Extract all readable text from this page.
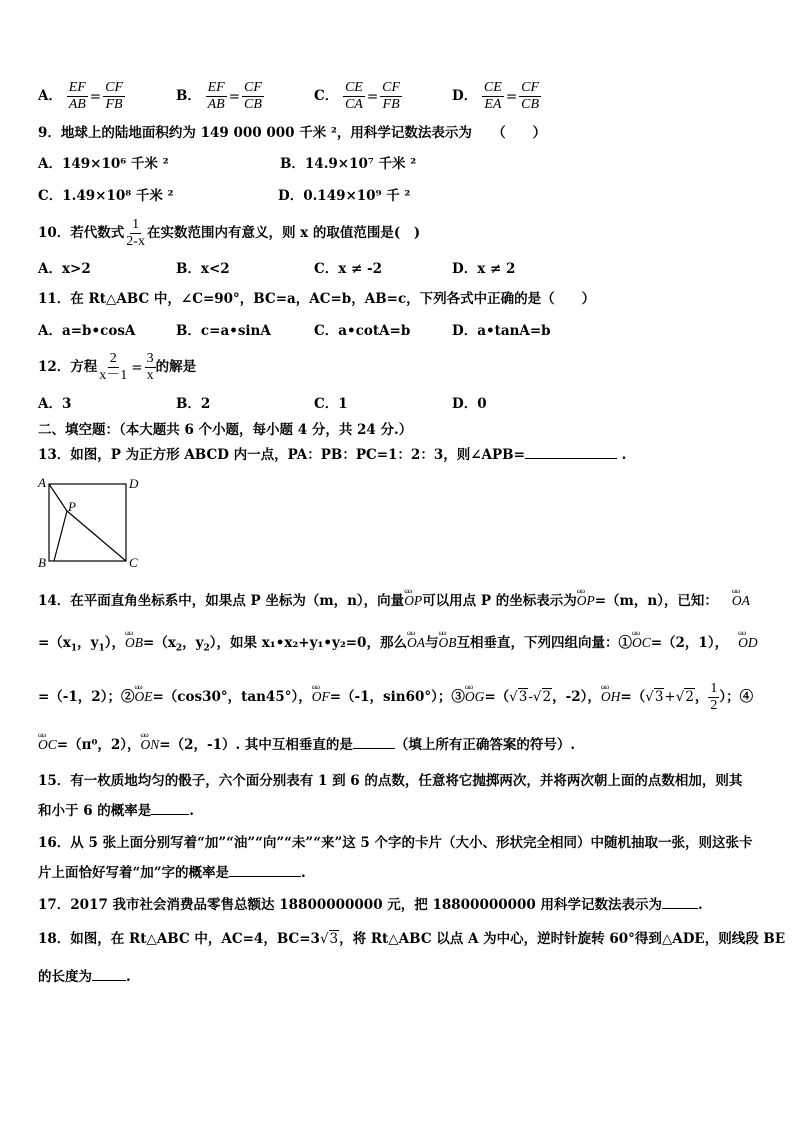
A． $\frac{EF}{AB} = \frac{CF}{FB}$	B． $\frac{EF}{AB} = \frac{CF}{CB}$	C． $\frac{CE}{CA} = \frac{CF}{FB}$	D． $\frac{CE}{EA} = \frac{CF}{CB}$
9．地球上的陆地面积约为 149 000 000 千米 ²，用科学记数法表示为　　（　　）
A．149×10⁶ 千米 ²	B．14.9×10⁷ 千米 ²
C．1.49×10⁸ 千米 ²	D．0.149×10⁹ 千 ²
10．若代数式 $\frac{1}{2-x}$ 在实数范围内有意义，则 x 的取值范围是(　)
A．x>2	B．x<2	C．x ≠ -2	D．x ≠ 2
11．在 Rt△ABC 中，∠C=90°，BC=a，AC=b，AB=c，下列各式中正确的是（　　）
A．a=b•cosA	B．c=a•sinA	C．a•cotA=b	D．a•tanA=b
12．方程 $\frac{2}{x-1} = \frac{3}{x}$ 的解是
A．3	B．2	C．1	D．0
二、填空题：（本大题共 6 个小题，每小题 4 分，共 24 分.）
13．如图，P 为正方形 ABCD 内一点，PA：PB：PC=1：2：3，则∠APB=	.
A	D
P
B	C
14．在平面直角坐标系中，如果点 P 坐标为（m，n），向量ωω OP可以用点 P 的坐标表示为ωω OP=（m，n），已知： ωω OA
$=(x_1$，$y_1$），ωω $OB=(x_2$，$y_2$），如果 x₁•x₂+y₁•y₂=0，那么ωω OA与ωω OB互相垂直，下列四组向量：①ωω OC=（2，1）， ωω OD
=（-1，2）；②ωω OE=（cos30°，tan45°），ωω OF=（-1，sin60°）；③ωω OG=（√3-√2，-2），ωω OH=（√3+√2， $\frac{1}{2}$ ）；④
ωω OC=（π⁰，2），ωω ON=（2，-1）. 其中互相垂直的是	（填上所有正确答案的符号）.
15．有一枚质地均匀的骰子，六个面分别表有 1 到 6 的点数，任意将它抛掷两次，并将两次朝上面的点数相加，则其
和小于 6 的概率是	.
16．从 5 张上面分别写着“加”“油”“向”“未”“来”这 5 个字的卡片（大小、形状完全相同）中随机抽取一张，则这张卡
片上面恰好写着“加”字的概率是	.
17．2017 我市社会消费品零售总额达 18800000000 元，把 18800000000 用科学记数法表示为	.
18．如图，在 Rt△ABC 中，AC=4，BC=3√3，将 Rt△ABC 以点 A 为中心，逆时针旋转 60°得到△ADE，则线段 BE
的长度为	.
